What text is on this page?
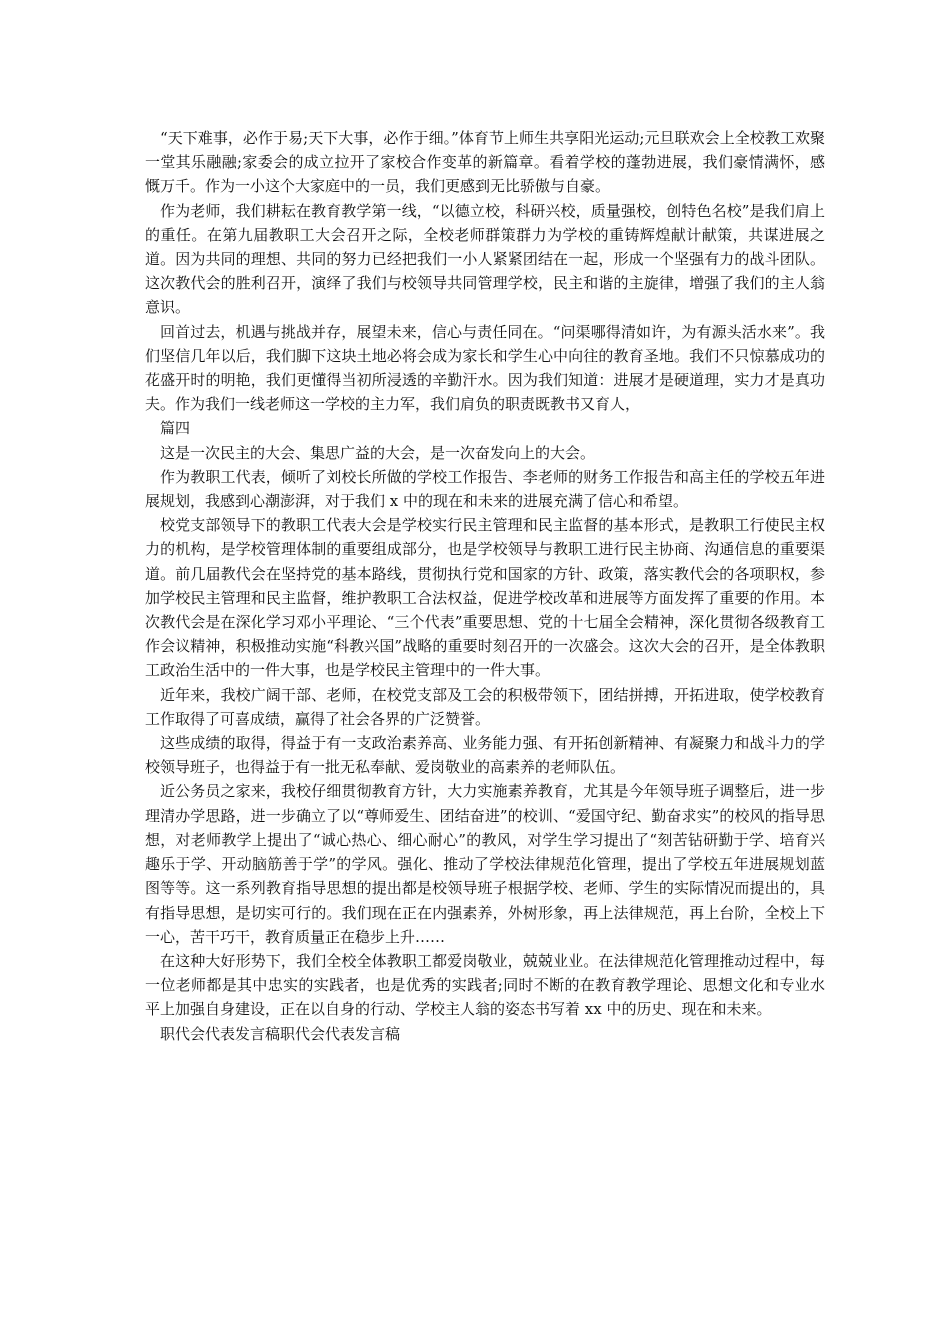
“天下难事，必作于易;天下大事，必作于细。”体育节上师生共享阳光运动;元旦联欢会上全校教工欢聚一堂其乐融融;家委会的成立拉开了家校合作变革的新篇章。看着学校的蓬勃进展，我们豪情满怀，感慨万千。作为一小这个大家庭中的一员，我们更感到无比骄傲与自豪。

作为老师，我们耕耘在教育教学第一线，“以德立校，科研兴校，质量强校，创特色名校”是我们肩上的重任。在第九届教职工大会召开之际，全校老师群策群力为学校的重铸辉煌献计献策，共谋进展之道。因为共同的理想、共同的努力已经把我们一小人紧紧团结在一起，形成一个坚强有力的战斗团队。这次教代会的胜利召开，演绎了我们与校领导共同管理学校，民主和谐的主旋律，增强了我们的主人翁意识。

回首过去，机遇与挑战并存，展望未来，信心与责任同在。“问渠哪得清如许，为有源头活水来”。我们坚信几年以后，我们脚下这块土地必将会成为家长和学生心中向往的教育圣地。我们不只惊慕成功的花盛开时的明艳，我们更懂得当初所浸透的辛勤汗水。因为我们知道：进展才是硬道理，实力才是真功夫。作为我们一线老师这一学校的主力军，我们肩负的职责既教书又育人，

篇四

这是一次民主的大会、集思广益的大会，是一次奋发向上的大会。

作为教职工代表，倾听了刘校长所做的学校工作报告、李老师的财务工作报告和高主任的学校五年进展规划，我感到心潮澎湃，对于我们 x 中的现在和未来的进展充满了信心和希望。

校党支部领导下的教职工代表大会是学校实行民主管理和民主监督的基本形式，是教职工行使民主权力的机构，是学校管理体制的重要组成部分，也是学校领导与教职工进行民主协商、沟通信息的重要渠道。前几届教代会在坚持党的基本路线，贯彻执行党和国家的方针、政策，落实教代会的各项职权，参加学校民主管理和民主监督，维护教职工合法权益，促进学校改革和进展等方面发挥了重要的作用。本次教代会是在深化学习邓小平理论、“三个代表”重要思想、党的十七届全会精神，深化贯彻各级教育工作会议精神，积极推动实施“科教兴国”战略的重要时刻召开的一次盛会。这次大会的召开，是全体教职工政治生活中的一件大事，也是学校民主管理中的一件大事。

近年来，我校广阔干部、老师，在校党支部及工会的积极带领下，团结拼搏，开拓进取，使学校教育工作取得了可喜成绩，赢得了社会各界的广泛赞誉。

这些成绩的取得，得益于有一支政治素养高、业务能力强、有开拓创新精神、有凝聚力和战斗力的学校领导班子，也得益于有一批无私奉献、爱岗敬业的高素养的老师队伍。

近公务员之家来，我校仔细贯彻教育方针，大力实施素养教育，尤其是今年领导班子调整后，进一步理清办学思路，进一步确立了以“尊师爱生、团结奋进”的校训、“爱国守纪、勤奋求实”的校风的指导思想，对老师教学上提出了“诚心热心、细心耐心”的教风，对学生学习提出了“刻苦钻研勤于学、培育兴趣乐于学、开动脑筋善于学”的学风。强化、推动了学校法律规范化管理，提出了学校五年进展规划蓝图等等。这一系列教育指导思想的提出都是校领导班子根据学校、老师、学生的实际情况而提出的，具有指导思想，是切实可行的。我们现在正在内强素养，外树形象，再上法律规范，再上台阶，全校上下一心，苦干巧干，教育质量正在稳步上升……

在这种大好形势下，我们全校全体教职工都爱岗敬业，兢兢业业。在法律规范化管理推动过程中，每一位老师都是其中忠实的实践者，也是优秀的实践者;同时不断的在教育教学理论、思想文化和专业水平上加强自身建设，正在以自身的行动、学校主人翁的姿态书写着 xx 中的历史、现在和未来。

职代会代表发言稿职代会代表发言稿
